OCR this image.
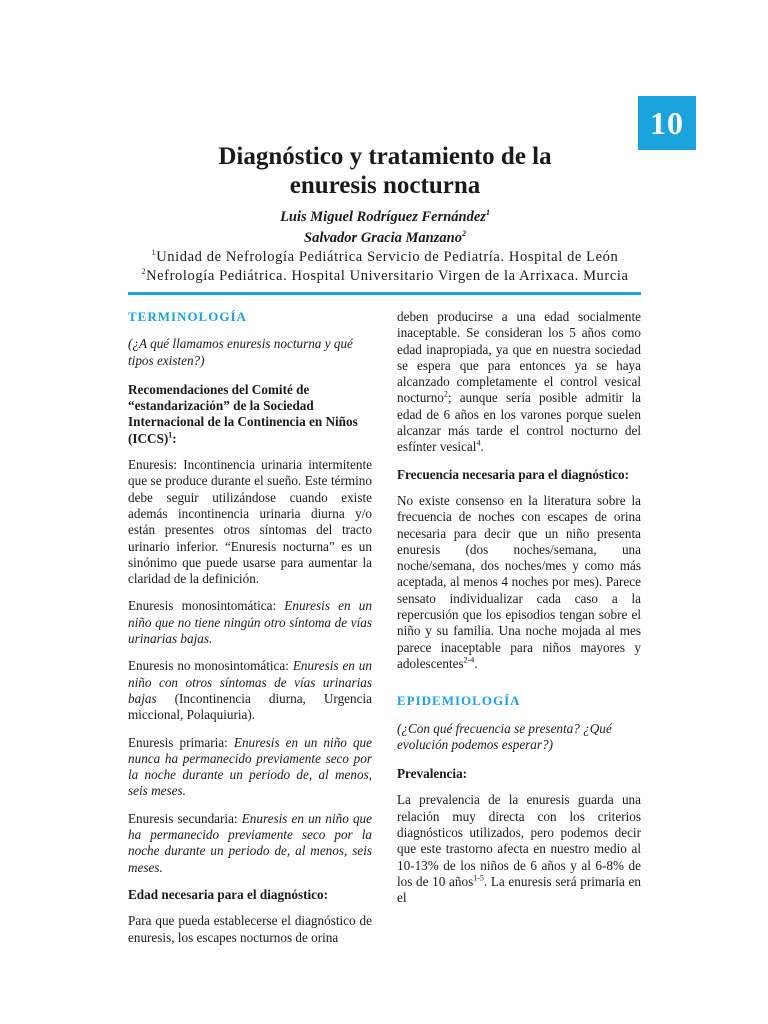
10
Diagnóstico y tratamiento de la
enuresis nocturna
Luis Miguel Rodríguez Fernández$^1$
Salvador Gracia Manzano$^2$
$^1$Unidad de Nefrología Pediátrica Servicio de Pediatría. Hospital de León
$^2$Nefrología Pediátrica. Hospital Universitario Virgen de la Arrixaca. Murcia

TERMINOLOGÍA

(¿A qué llamamos enuresis nocturna y qué tipos existen?)

Recomendaciones del Comité de “estandarización” de la Sociedad Internacional de la Continencia en Niños (ICCS)$^1$:

Enuresis: Incontinencia urinaria intermitente que se produce durante el sueño. Este término debe seguir utilizándose cuando existe además incontinencia urinaria diurna y/o están presentes otros síntomas del tracto urinario inferior. “Enuresis nocturna” es un sinónimo que puede usarse para aumentar la claridad de la definición.

Enuresis monosintomática: Enuresis en un niño que no tiene ningún otro síntoma de vías urinarias bajas.

Enuresis no monosintomática: Enuresis en un niño con otros síntomas de vías urinarias bajas (Incontinencia diurna, Urgencia miccional, Polaquiuria).

Enuresis primaria: Enuresis en un niño que nunca ha permanecido previamente seco por la noche durante un periodo de, al menos, seis meses.

Enuresis secundaria: Enuresis en un niño que ha permanecido previamente seco por la noche durante un periodo de, al menos, seis meses.

Edad necesaria para el diagnóstico:

Para que pueda establecerse el diagnóstico de enuresis, los escapes nocturnos de orina

deben producirse a una edad socialmente inaceptable. Se consideran los 5 años como edad inapropiada, ya que en nuestra sociedad se espera que para entonces ya se haya alcanzado completamente el control vesical nocturno$^2$; aunque sería posible admitir la edad de 6 años en los varones porque suelen alcanzar más tarde el control nocturno del esfínter vesical$^4$.

Frecuencia necesaria para el diagnóstico:

No existe consenso en la literatura sobre la frecuencia de noches con escapes de orina necesaria para decir que un niño presenta enuresis (dos noches/semana, una noche/semana, dos noches/mes y como más aceptada, al menos 4 noches por mes). Parece sensato individualizar cada caso a la repercusión que los episodios tengan sobre el niño y su familia. Una noche mojada al mes parece inaceptable para niños mayores y adolescentes$^{2-4}$.

EPIDEMIOLOGÍA

(¿Con qué frecuencia se presenta? ¿Qué evolución podemos esperar?)

Prevalencia:

La prevalencia de la enuresis guarda una relación muy directa con los criterios diagnósticos utilizados, pero podemos decir que este trastorno afecta en nuestro medio al 10-13% de los niños de 6 años y al 6-8% de los de 10 años$^{1-5}$. La enuresis será primaria en el
